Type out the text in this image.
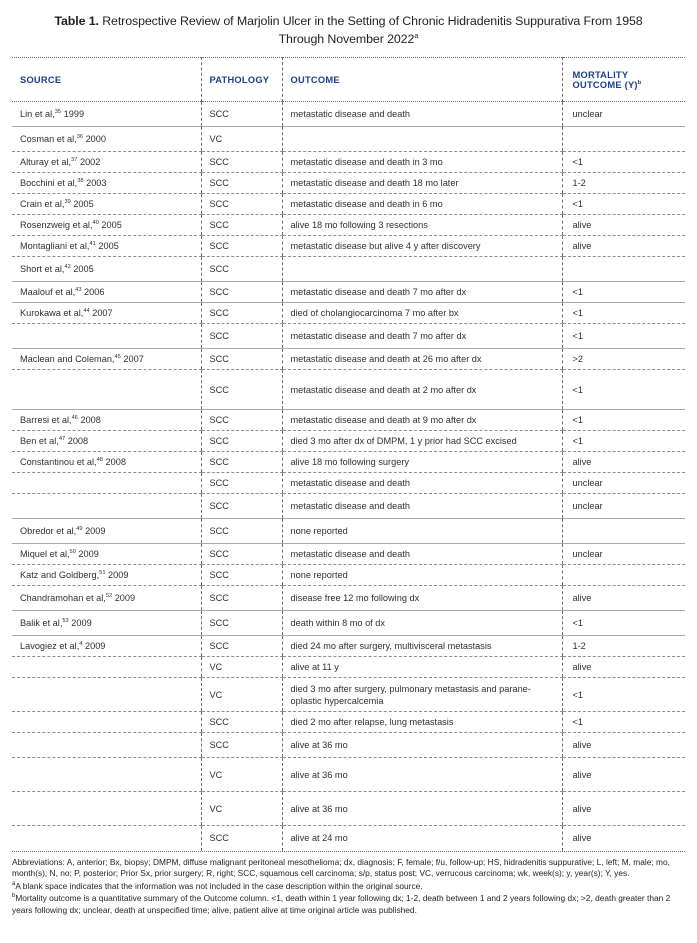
Table 1. Retrospective Review of Marjolin Ulcer in the Setting of Chronic Hidradenitis Suppurativa From 1958 Through November 2022$^a$
SOURCE	PATHOLOGY	OUTCOME	MORTALITY
OUTCOME $(Y)^b$
Lin et al,$^{35}$ 1999	SCC	metastatic disease and death	unclear
Cosman et al,$^{36}$ 2000	VC		
Alturay et al,$^{37}$ 2002	SCC	metastatic disease and death in 3 mo	<1
Bocchini et al,$^{38}$ 2003	SCC	metastatic disease and death 18 mo later	1-2
Crain et al,$^{39}$ 2005	SCC	metastatic disease and death in 6 mo	<1
Rosenzweig et al,$^{40}$ 2005	SCC	alive 18 mo following 3 resections	alive
Montagliani et al,$^{41}$ 2005	SCC	metastatic disease but alive 4 y after discovery	alive
Short et al,$^{42}$ 2005	SCC		
Maalouf et al,$^{43}$ 2006	SCC	metastatic disease and death 7 mo after dx	<1
Kurokawa et al,$^{44}$ 2007	SCC	died of cholangiocarcinoma 7 mo after bx	<1
	SCC	metastatic disease and death 7 mo after dx	<1
Maclean and Coleman,$^{45}$ 2007	SCC	metastatic disease and death at 26 mo after dx	>2
	SCC	metastatic disease and death at 2 mo after dx	<1
Barresi et al,$^{46}$ 2008	SCC	metastatic disease and death at 9 mo after dx	<1
Ben et al,$^{47}$ 2008	SCC	died 3 mo after dx of DMPM, 1 y prior had SCC excised	<1
Constantinou et al,$^{48}$ 2008	SCC	alive 18 mo following surgery	alive
	SCC	metastatic disease and death	unclear
	SCC	metastatic disease and death	unclear
Obredor et al,$^{49}$ 2009	SCC	none reported	
Miquel et al,$^{50}$ 2009	SCC	metastatic disease and death	unclear
Katz and Goldberg,$^{51}$ 2009	SCC	none reported	
Chandramohan et al,$^{52}$ 2009	SCC	disease free 12 mo following dx	alive
Balik et al,$^{53}$ 2009	SCC	death within 8 mo of dx	<1
Lavogiez et al,$^4$ 2009	SCC	died 24 mo after surgery, multivisceral metastasis	1-2
	VC	alive at 11 y	alive
	VC	died 3 mo after surgery, pulmonary metastasis and parane-oplastic hypercalcemia	<1
	SCC	died 2 mo after relapse, lung metastasis	<1
	SCC	alive at 36 mo	alive
	VC	alive at 36 mo	alive
	VC	alive at 36 mo	alive
	SCC	alive at 24 mo	alive

Abbreviations: A, anterior; Bx, biopsy; DMPM, diffuse malignant peritoneal mesothelioma; dx, diagnosis; F, female; f/u, follow-up; HS, hidradenitis suppurative; L, left; M, male; mo, month(s); N, no; P, posterior; Prior Sx, prior surgery; R, right; SCC, squamous cell carcinoma; s/p, status post; VC, verrucous carcinoma; wk, week(s); y, year(s); Y, yes.

$^a$A blank space indicates that the information was not included in the case description within the original source.

$^b$Mortality outcome is a quantitative summary of the Outcome column. <1, death within 1 year following dx; 1-2, death between 1 and 2 years following dx; >2, death greater than 2 years following dx; unclear, death at unspecified time; alive, patient alive at time original article was published.
